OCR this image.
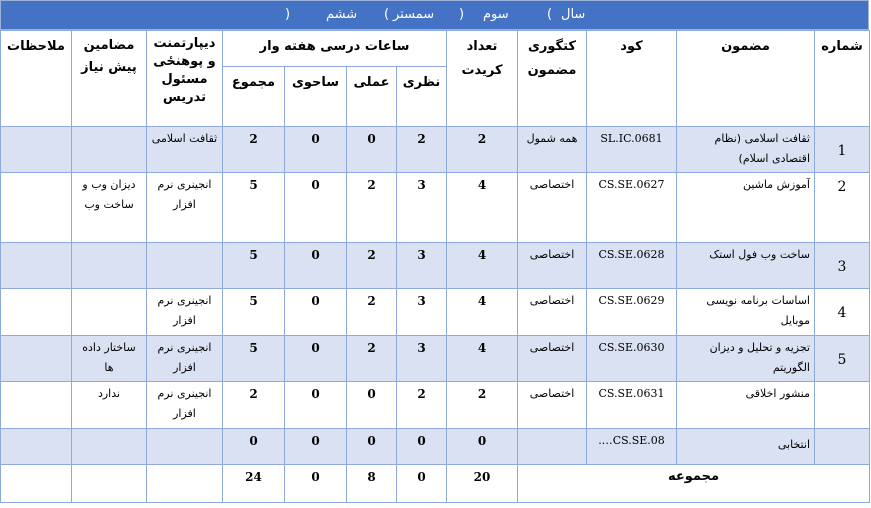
سال
(
سوم
)
سمستر
(
ششم
)
شماره	مضمون	کود	کتگوری مضمون	تعداد کریدت	ساعات درسی هفته وار				دیپارتمنت و پوهنځی مسئول تدریس	مضامین پیش نیاز	ملاحظات
					نظری	عملی	ساحوی	مجموع			
1	ثقافت اسلامی (نظام اقتصادی اسلام)	SL.IC.0681	همه شمول	2	2	0	0	2	ثقافت اسلامی		
2	آموزش ماشین	CS.SE.0627	اختصاصی	4	3	2	0	5	انجینری نرم افزار	دیزان وب و ساخت وب	
3	ساخت وب فول استک	CS.SE.0628	اختصاصی	4	3	2	0	5			
4	اساسات برنامه نویسی موبایل	CS.SE.0629	اختصاصی	4	3	2	0	5	انجینری نرم افزار		
5	تجزیه و تحلیل و دیزان الگوریتم	CS.SE.0630	اختصاصی	4	3	2	0	5	انجینری نرم افزار	ساختار داده ها	
	منشور اخلاقی	CS.SE.0631	اختصاصی	2	2	0	0	2	انجینری نرم افزار	ندارد	
	انتخابی	CS.SE.08….		0	0	0	0	0			
مجموعه				20	0	8	0	24			
